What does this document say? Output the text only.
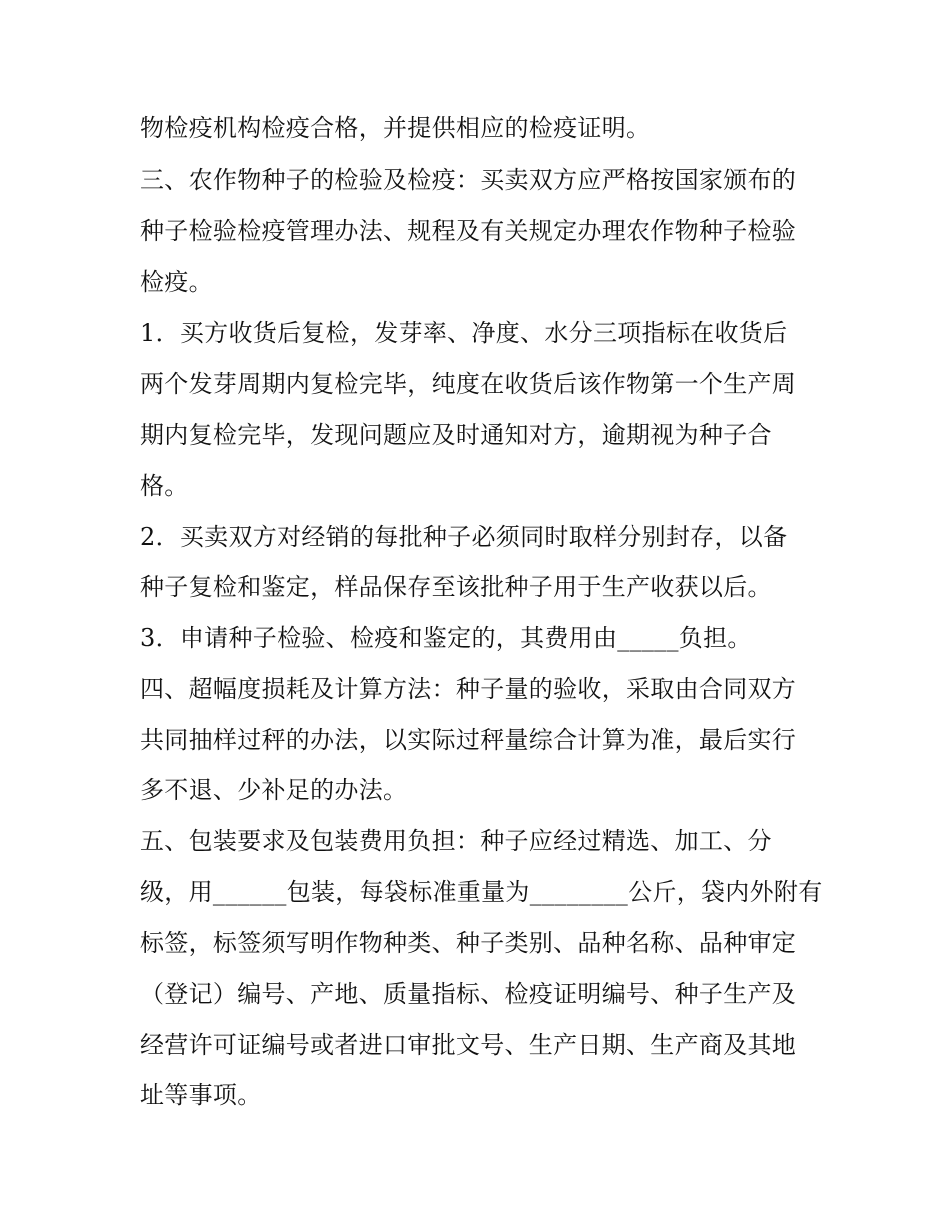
物检疫机构检疫合格，并提供相应的检疫证明。
三、农作物种子的检验及检疫：买卖双方应严格按国家颁布的
种子检验检疫管理办法、规程及有关规定办理农作物种子检验
检疫。
1．买方收货后复检，发芽率、净度、水分三项指标在收货后
两个发芽周期内复检完毕，纯度在收货后该作物第一个生产周
期内复检完毕，发现问题应及时通知对方，逾期视为种子合
格。
2．买卖双方对经销的每批种子必须同时取样分别封存，以备
种子复检和鉴定，样品保存至该批种子用于生产收获以后。
3．申请种子检验、检疫和鉴定的，其费用由_____负担。
四、超幅度损耗及计算方法：种子量的验收，采取由合同双方
共同抽样过秤的办法，以实际过秤量综合计算为准，最后实行
多不退、少补足的办法。
五、包装要求及包装费用负担：种子应经过精选、加工、分
级，用______包装，每袋标准重量为________公斤，袋内外附有
标签，标签须写明作物种类、种子类别、品种名称、品种审定
（登记）编号、产地、质量指标、检疫证明编号、种子生产及
经营许可证编号或者进口审批文号、生产日期、生产商及其地
址等事项。
